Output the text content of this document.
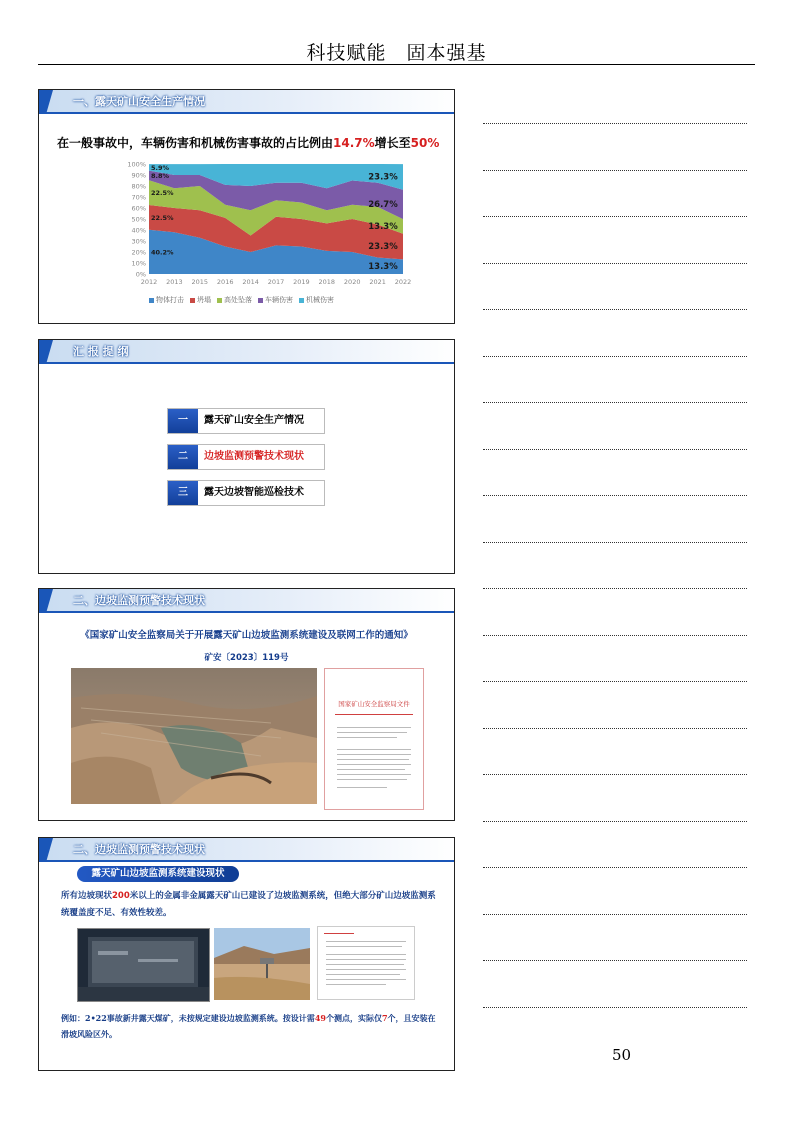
科技赋能　固本强基
一、露天矿山安全生产情况
在一般事故中，车辆伤害和机械伤害事故的占比例由14.7%增长至50%
0%
10%
20%
30%
40%
50%
60%
70%
80%
90%
100%
2012 2013 2015 2016 2014 2017 2019 2018 2020 2021 2022
40.2%
22.5%
22.5%
8.8%
5.9%
13.3%
23.3%
13.3%
26.7%
23.3%
物体打击 坍塌 高处坠落 车辆伤害 机械伤害
汇 报 提 纲
一	露天矿山安全生产情况
二	边坡监测预警技术现状
三	露天边坡智能巡检技术
二、边坡监测预警技术现状
《国家矿山安全监察局关于开展露天矿山边坡监测系统建设及联网工作的通知》
矿安〔2023〕119号
国家矿山安全监察局文件
二、边坡监测预警技术现状
露天矿山边坡监测系统建设现状
所有边坡现状200米以上的金属非金属露天矿山已建设了边坡监测系统，但绝大部分矿山边坡监测系统覆盖度不足、有效性较差。
例如：2•22事故新井露天煤矿，未按规定建设边坡监测系统。按设计需49个测点，实际仅7个，且安装在滑坡风险区外。
50
